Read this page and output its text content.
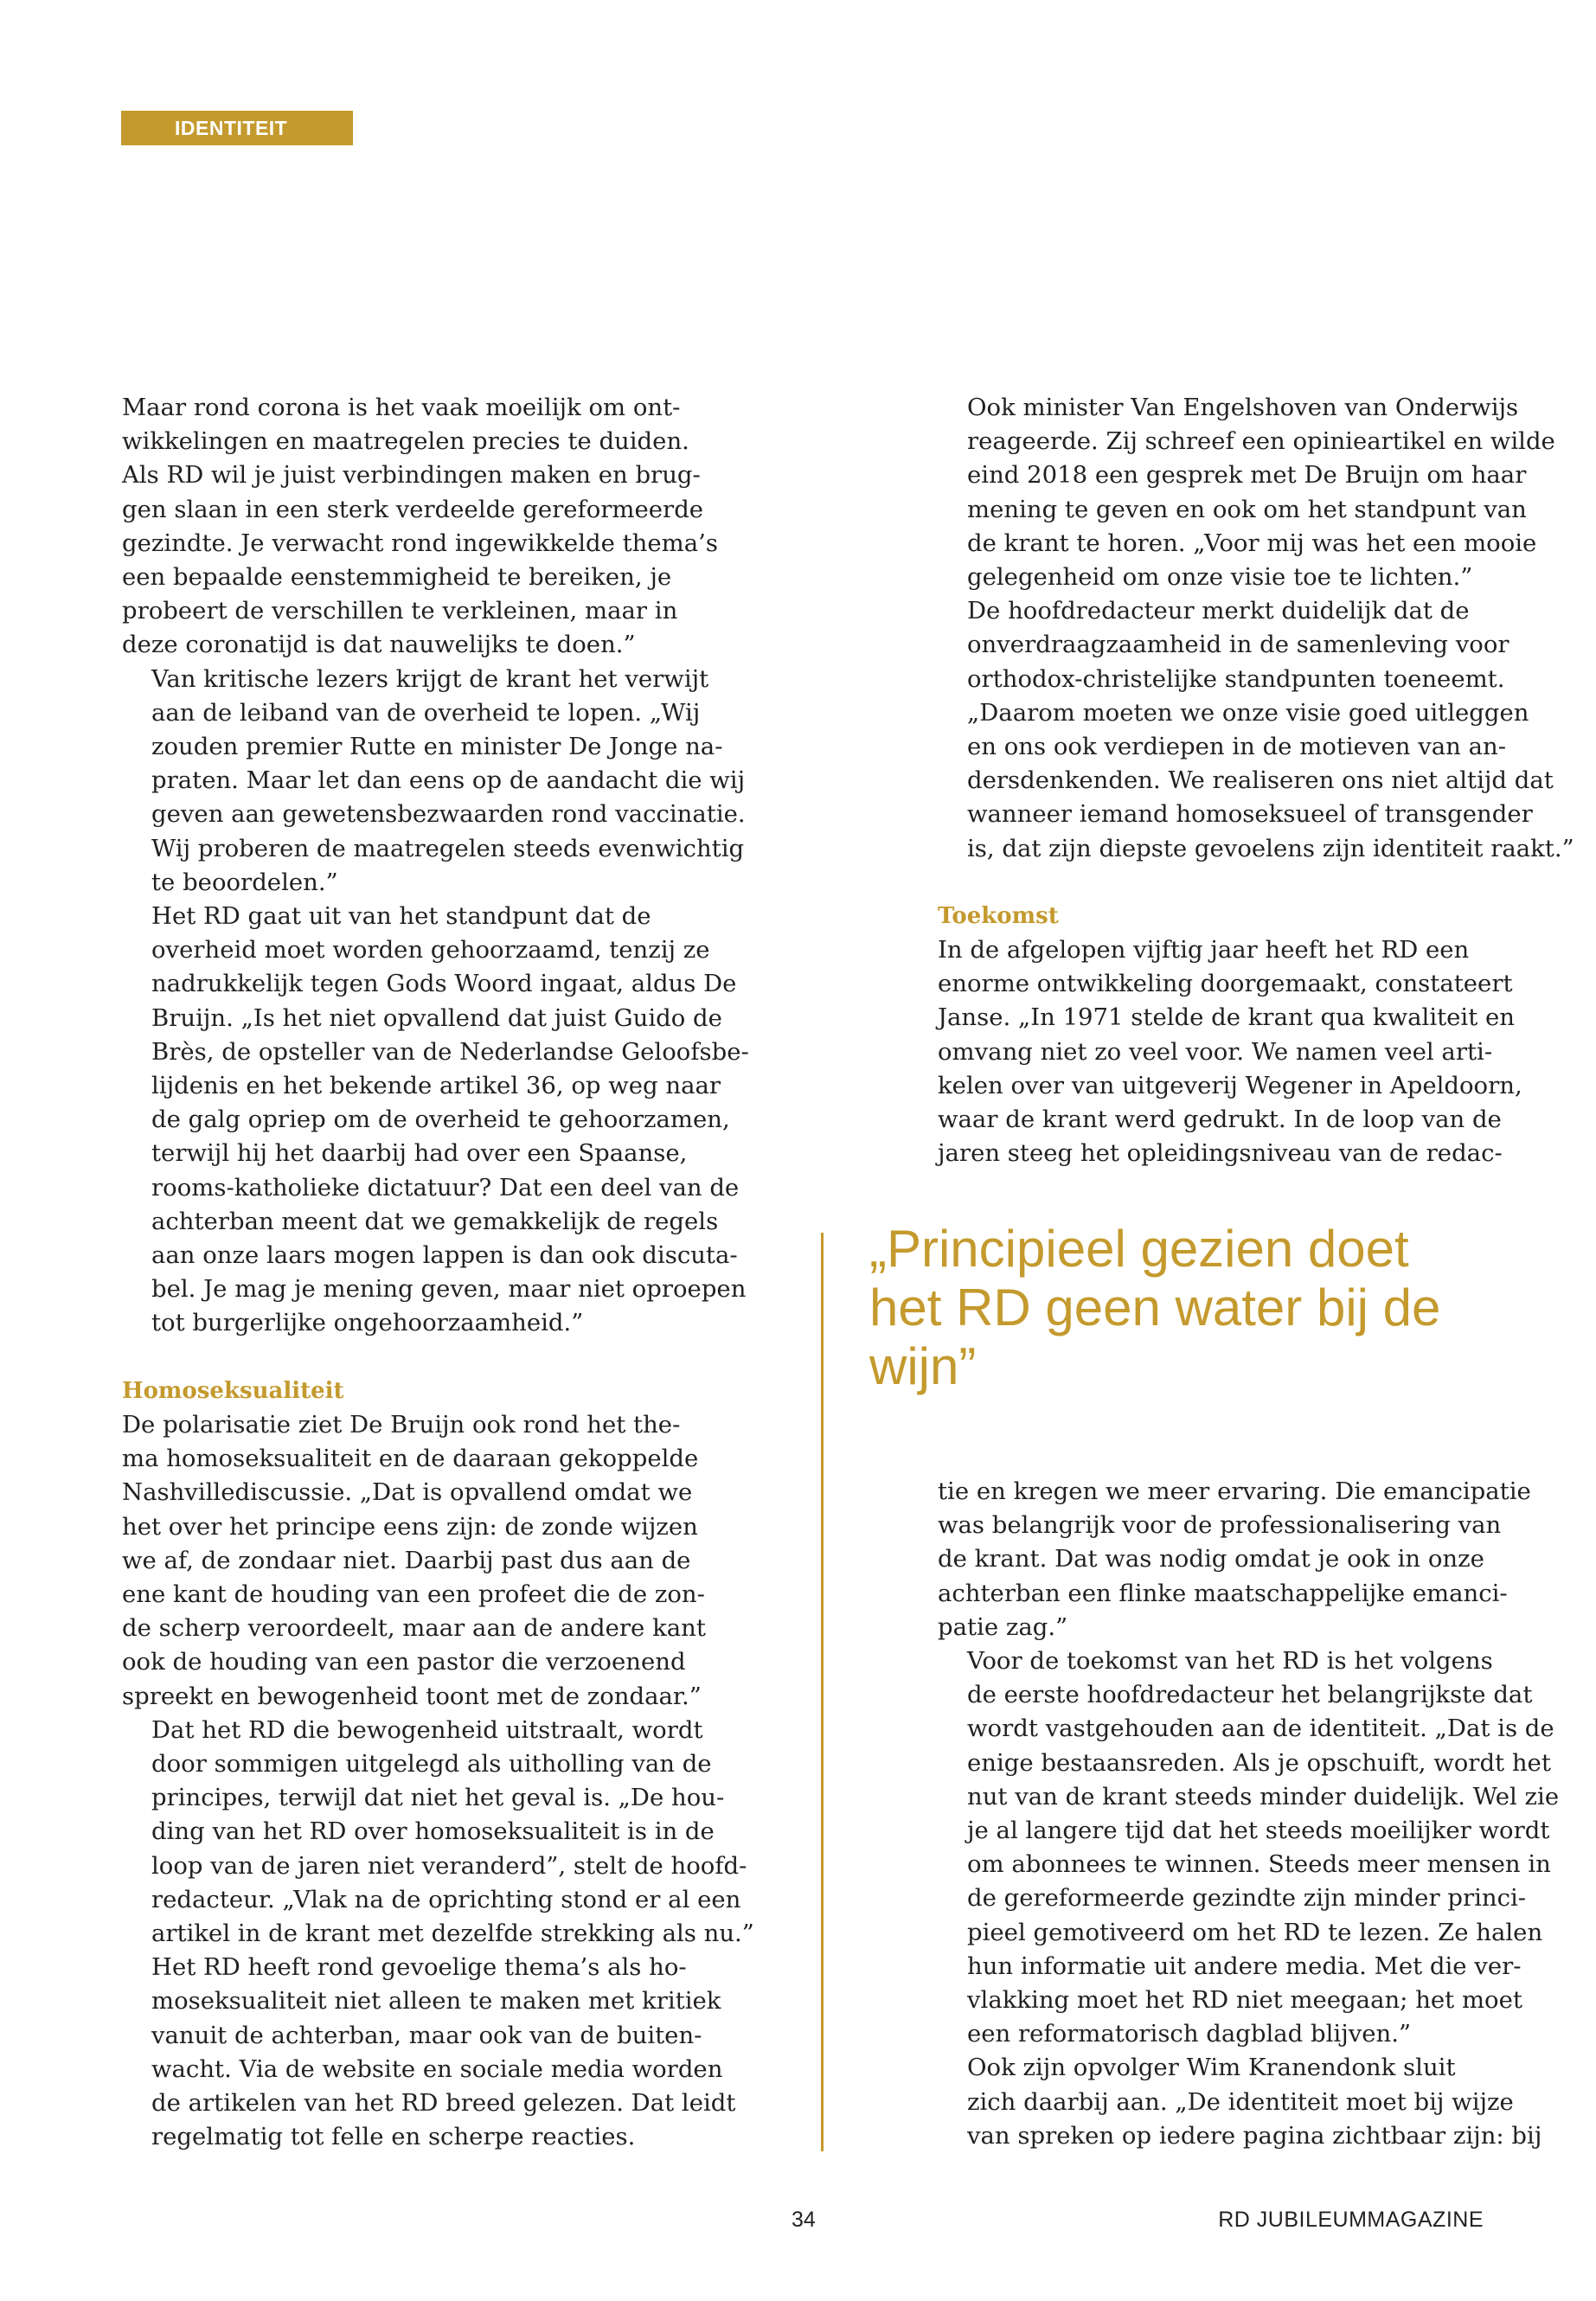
IDENTITEIT

Maar rond corona is het vaak moeilijk om ont-
wikkelingen en maatregelen precies te duiden.
Als RD wil je juist verbindingen maken en brug-
gen slaan in een sterk verdeelde gereformeerde
gezindte. Je verwacht rond ingewikkelde thema’s
een bepaalde eenstemmigheid te bereiken, je
probeert de verschillen te verkleinen, maar in
deze coronatijd is dat nauwelijks te doen.”

Van kritische lezers krijgt de krant het verwijt
aan de leiband van de overheid te lopen. „Wij
zouden premier Rutte en minister De Jonge na-
praten. Maar let dan eens op de aandacht die wij
geven aan gewetensbezwaarden rond vaccinatie.
Wij proberen de maatregelen steeds evenwichtig
te beoordelen.”

Het RD gaat uit van het standpunt dat de
overheid moet worden gehoorzaamd, tenzij ze
nadrukkelijk tegen Gods Woord ingaat, aldus De
Bruijn. „Is het niet opvallend dat juist Guido de
Brès, de opsteller van de Nederlandse Geloofsbe-
lijdenis en het bekende artikel 36, op weg naar
de galg opriep om de overheid te gehoorzamen,
terwijl hij het daarbij had over een Spaanse,
rooms-katholieke dictatuur? Dat een deel van de
achterban meent dat we gemakkelijk de regels
aan onze laars mogen lappen is dan ook discuta-
bel. Je mag je mening geven, maar niet oproepen
tot burgerlijke ongehoorzaamheid.”

Homoseksualiteit

De polarisatie ziet De Bruijn ook rond het the-
ma homoseksualiteit en de daaraan gekoppelde
Nashvillediscussie. „Dat is opvallend omdat we
het over het principe eens zijn: de zonde wijzen
we af, de zondaar niet. Daarbij past dus aan de
ene kant de houding van een profeet die de zon-
de scherp veroordeelt, maar aan de andere kant
ook de houding van een pastor die verzoenend
spreekt en bewogenheid toont met de zondaar.”

Dat het RD die bewogenheid uitstraalt, wordt
door sommigen uitgelegd als uitholling van de
principes, terwijl dat niet het geval is. „De hou-
ding van het RD over homoseksualiteit is in de
loop van de jaren niet veranderd”, stelt de hoofd-
redacteur. „Vlak na de oprichting stond er al een
artikel in de krant met dezelfde strekking als nu.”

Het RD heeft rond gevoelige thema’s als ho-
moseksualiteit niet alleen te maken met kritiek
vanuit de achterban, maar ook van de buiten-
wacht. Via de website en sociale media worden
de artikelen van het RD breed gelezen. Dat leidt
regelmatig tot felle en scherpe reacties.

Ook minister Van Engelshoven van Onderwijs
reageerde. Zij schreef een opinieartikel en wilde
eind 2018 een gesprek met De Bruijn om haar
mening te geven en ook om het standpunt van
de krant te horen. „Voor mij was het een mooie
gelegenheid om onze visie toe te lichten.”

De hoofdredacteur merkt duidelijk dat de
onverdraagzaamheid in de samenleving voor
orthodox-christelijke standpunten toeneemt.
„Daarom moeten we onze visie goed uitleggen
en ons ook verdiepen in de motieven van an-
dersdenkenden. We realiseren ons niet altijd dat
wanneer iemand homoseksueel of transgender
is, dat zijn diepste gevoelens zijn identiteit raakt.”

Toekomst

In de afgelopen vijftig jaar heeft het RD een
enorme ontwikkeling doorgemaakt, constateert
Janse. „In 1971 stelde de krant qua kwaliteit en
omvang niet zo veel voor. We namen veel arti-
kelen over van uitgeverij Wegener in Apeldoorn,
waar de krant werd gedrukt. In de loop van de
jaren steeg het opleidingsniveau van de redac-

„Principieel gezien doet
het RD geen water bij de
wijn”

tie en kregen we meer ervaring. Die emancipatie
was belangrijk voor de professionalisering van
de krant. Dat was nodig omdat je ook in onze
achterban een flinke maatschappelijke emanci-
patie zag.”

Voor de toekomst van het RD is het volgens
de eerste hoofdredacteur het belangrijkste dat
wordt vastgehouden aan de identiteit. „Dat is de
enige bestaansreden. Als je opschuift, wordt het
nut van de krant steeds minder duidelijk. Wel zie
je al langere tijd dat het steeds moeilijker wordt
om abonnees te winnen. Steeds meer mensen in
de gereformeerde gezindte zijn minder princi-
pieel gemotiveerd om het RD te lezen. Ze halen
hun informatie uit andere media. Met die ver-
vlakking moet het RD niet meegaan; het moet
een reformatorisch dagblad blijven.”

Ook zijn opvolger Wim Kranendonk sluit
zich daarbij aan. „De identiteit moet bij wijze
van spreken op iedere pagina zichtbaar zijn: bij

34	RD JUBILEUMMAGAZINE
